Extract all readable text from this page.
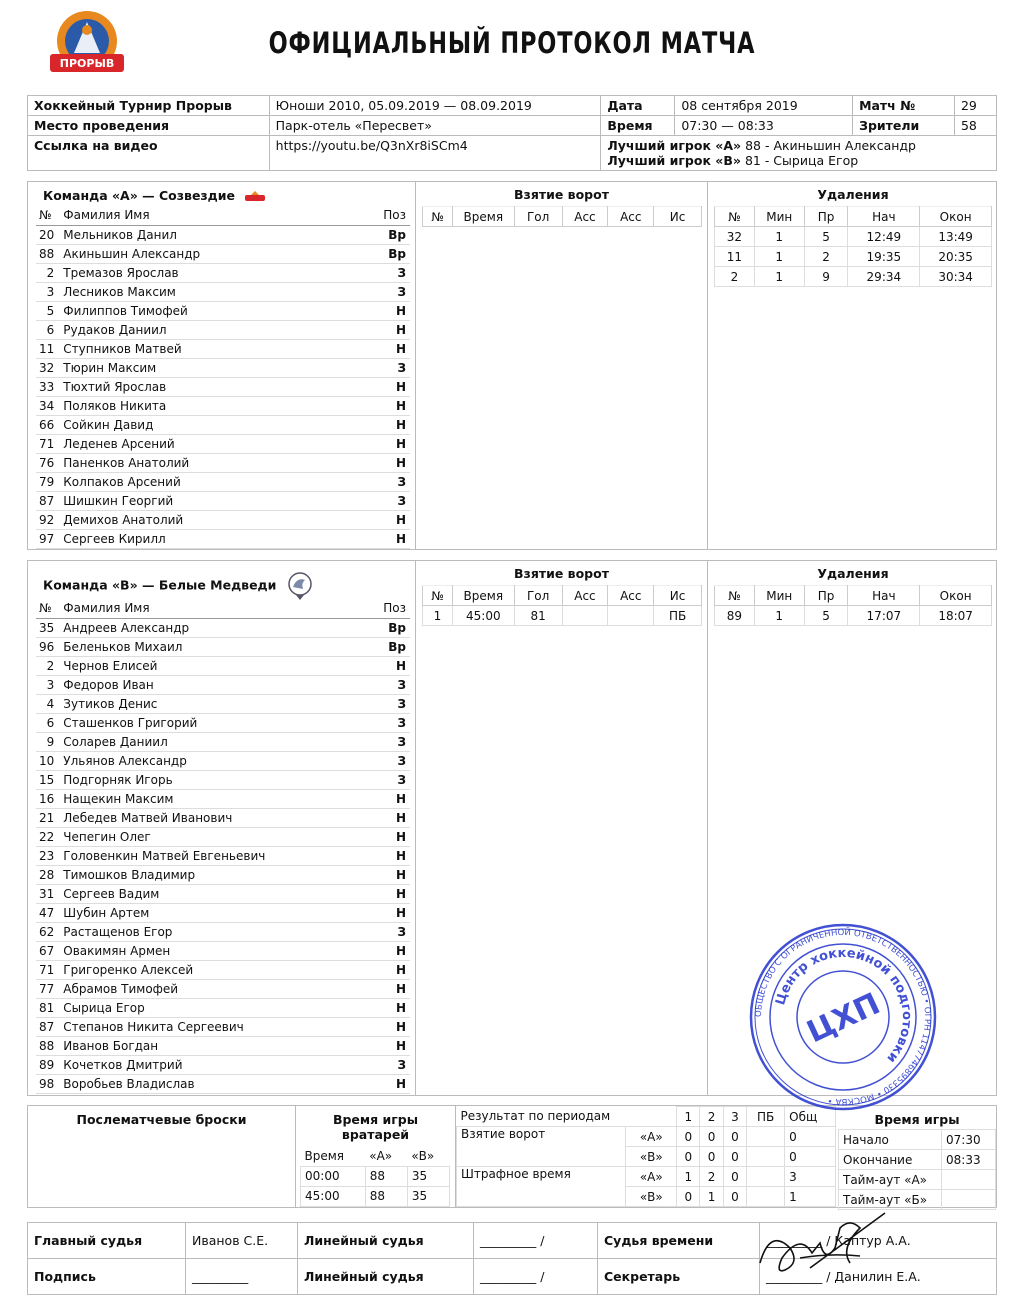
ПРОРЫВ
ОФИЦИАЛЬНЫЙ ПРОТОКОЛ МАТЧА
Хоккейный Турнир Прорыв	Юноши 2010, 05.09.2019 — 08.09.2019	Дата	08 сентября 2019	Матч №	29
Место проведения	Парк-отель «Пересвет»	Время	07:30 — 08:33	Зрители	58
Ссылка на видео	https://youtu.be/Q3nXr8iSCm4	Лучший игрок «А» 88 - Акиньшин Александр
Лучший игрок «В» 81 - Сырица Егор			
Команда «А» — Созвездие
№	Фамилия Имя	Поз
20	Мельников Данил	Вр
88	Акиньшин Александр	Вр
2	Тремазов Ярослав	З
3	Лесников Максим	З
5	Филиппов Тимофей	Н
6	Рудаков Даниил	Н
11	Ступников Матвей	Н
32	Тюрин Максим	З
33	Тюхтий Ярослав	Н
34	Поляков Никита	Н
66	Сойкин Давид	Н
71	Леденев Арсений	Н
76	Паненков Анатолий	Н
79	Колпаков Арсений	З
87	Шишкин Георгий	З
92	Демихов Анатолий	Н
97	Сергеев Кирилл	Н
Взятие ворот
№	Время	Гол	Асс	Асс	Ис
Удаления
№	Мин	Пр	Нач	Окон
32	1	5	12:49	13:49
11	1	2	19:35	20:35
2	1	9	29:34	30:34
Команда «В» — Белые Медведи
№	Фамилия Имя	Поз
35	Андреев Александр	Вр
96	Беленьков Михаил	Вр
2	Чернов Елисей	Н
3	Федоров Иван	З
4	Зутиков Денис	З
6	Сташенков Григорий	З
9	Соларев Даниил	З
10	Ульянов Александр	З
15	Подгорняк Игорь	З
16	Нащекин Максим	Н
21	Лебедев Матвей Иванович	Н
22	Чепегин Олег	Н
23	Головенкин Матвей Евгеньевич	Н
28	Тимошков Владимир	Н
31	Сергеев Вадим	Н
47	Шубин Артем	Н
62	Растащенов Егор	З
67	Овакимян Армен	Н
71	Григоренко Алексей	Н
77	Абрамов Тимофей	Н
81	Сырица Егор	Н
87	Степанов Никита Сергеевич	Н
88	Иванов Богдан	Н
89	Кочетков Дмитрий	З
98	Воробьев Владислав	Н
Взятие ворот
№	Время	Гол	Асс	Асс	Ис
1	45:00	81			ПБ
Удаления
№	Мин	Пр	Нач	Окон
89	1	5	17:07	18:07
Послематчевые броски	Время игры вратарей
Время	«А»	«В»
00:00	88	35
45:00	88	35
Результат по периодам		1	2	3	ПБ	Общ
Взятие ворот	«А»	0	0	0		0
	«В»	0	0	0		0
Штрафное время	«А»	1	2	0		3
	«В»	0	1	0		1
Время игры
Начало	07:30
Окончание	08:33
Тайм-аут «А»	
Тайм-аут «Б»	
Главный судья	Иванов С.Е.	Линейный судья	_________ /	Судья времени	_________ / Каптур А.А.
Подпись	_________	Линейный судья	_________ /	Секретарь	_________ / Данилин Е.А.
ОБЩЕСТВО С ОГРАНИЧЕННОЙ ОТВЕТСТВЕННОСТЬЮ • ОГРН 1147746895330 • МОСКВА •
Центр хоккейной подготовки
ЦХП
